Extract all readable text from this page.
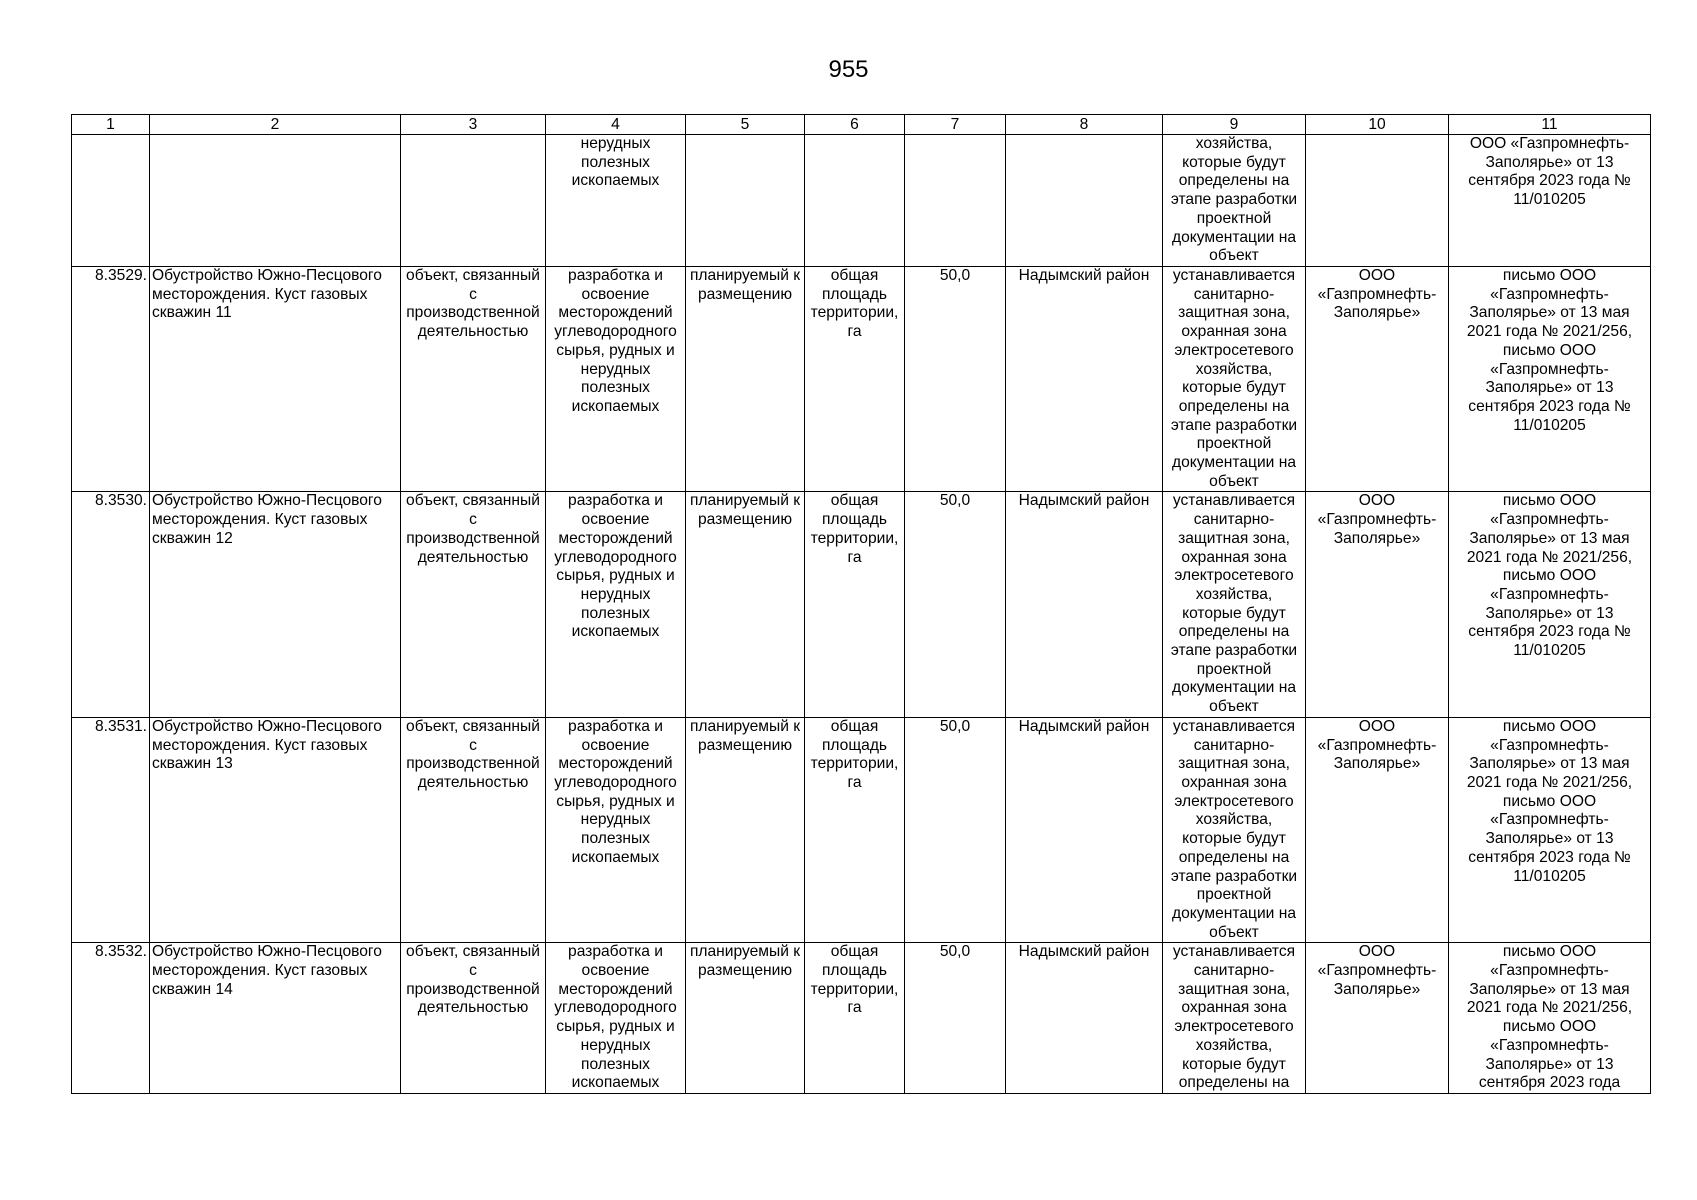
955
1	2	3	4	5	6	7	8	9	10	11
			нерудных полезных ископаемых					хозяйства, которые будут определены на этапе разработки проектной документации на объект		ООО «Газпромнефть-Заполярье» от 13 сентября 2023 года № 11/010205
8.3529.	Обустройство Южно-Песцового месторождения. Куст газовых скважин 11	объект, связанный с производственной деятельностью	разработка и освоение месторождений углеводородного сырья, рудных и нерудных полезных ископаемых	планируемый к размещению	общая площадь территории, га	50,0	Надымский район	устанавливается санитарно-защитная зона, охранная зона электросетевого хозяйства, которые будут определены на этапе разработки проектной документации на объект	ООО «Газпромнефть-Заполярье»	письмо ООО «Газпромнефть-Заполярье» от 13 мая 2021 года № 2021/256, письмо ООО «Газпромнефть-Заполярье» от 13 сентября 2023 года № 11/010205
8.3530.	Обустройство Южно-Песцового месторождения. Куст газовых скважин 12	объект, связанный с производственной деятельностью	разработка и освоение месторождений углеводородного сырья, рудных и нерудных полезных ископаемых	планируемый к размещению	общая площадь территории, га	50,0	Надымский район	устанавливается санитарно-защитная зона, охранная зона электросетевого хозяйства, которые будут определены на этапе разработки проектной документации на объект	ООО «Газпромнефть-Заполярье»	письмо ООО «Газпромнефть-Заполярье» от 13 мая 2021 года № 2021/256, письмо ООО «Газпромнефть-Заполярье» от 13 сентября 2023 года № 11/010205
8.3531.	Обустройство Южно-Песцового месторождения. Куст газовых скважин 13	объект, связанный с производственной деятельностью	разработка и освоение месторождений углеводородного сырья, рудных и нерудных полезных ископаемых	планируемый к размещению	общая площадь территории, га	50,0	Надымский район	устанавливается санитарно-защитная зона, охранная зона электросетевого хозяйства, которые будут определены на этапе разработки проектной документации на объект	ООО «Газпромнефть-Заполярье»	письмо ООО «Газпромнефть-Заполярье» от 13 мая 2021 года № 2021/256, письмо ООО «Газпромнефть-Заполярье» от 13 сентября 2023 года № 11/010205
8.3532.	Обустройство Южно-Песцового месторождения. Куст газовых скважин 14	объект, связанный с производственной деятельностью	разработка и освоение месторождений углеводородного сырья, рудных и нерудных полезных ископаемых	планируемый к размещению	общая площадь территории, га	50,0	Надымский район	устанавливается санитарно-защитная зона, охранная зона электросетевого хозяйства, которые будут определены на	ООО «Газпромнефть-Заполярье»	письмо ООО «Газпромнефть-Заполярье» от 13 мая 2021 года № 2021/256, письмо ООО «Газпромнефть-Заполярье» от 13 сентября 2023 года
